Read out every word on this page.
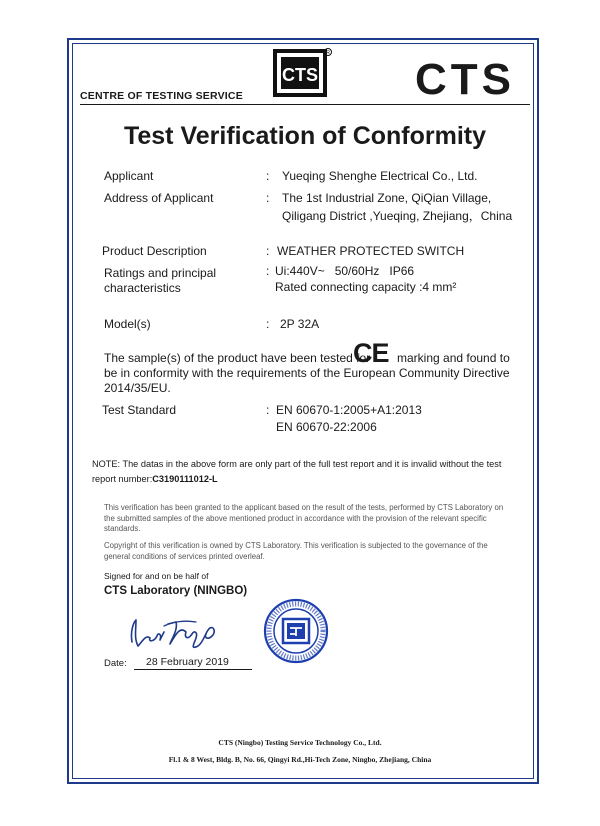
CTS
R
CTS
CENTRE OF TESTING SERVICE
Test Verification of Conformity
Applicant	: Yueqing Shenghe Electrical Co., Ltd.
Address of Applicant	: The 1st Industrial Zone, QiQian Village,
Qiligang District ,Yueqing, Zhejiang，China
Product Description	: WEATHER PROTECTED SWITCH
Ratings and principal
characteristics
: Ui:440V~   50/60Hz   IP66
Rated connecting capacity :4 mm²
Model(s)	: 2P 32A
The sample(s) of the product have been tested for
CE marking and found to
be in conformity with the requirements of the European Community Directive
2014/35/EU.
Test Standard	: EN 60670-1:2005+A1:2013
EN 60670-22:2006
NOTE: The datas in the above form are only part of the full test report and it is invalid without the test
report number:C3190111012-L
This verification has been granted to the applicant based on the result of the tests, performed by CTS Laboratory on the submitted samples of the above mentioned product in accordance with the provision of the relevant specific standards.
Copyright of this verification is owned by CTS Laboratory. This verification is subjected to the governance of the general conditions of services printed overleaf.
Signed for and on be half of
CTS Laboratory (NINGBO)
Date: 28 February 2019
CTS (Ningbo) Testing Service Technology Co., Ltd.
Fl.1 & 8 West, Bldg. B, No. 66, Qingyi Rd.,Hi-Tech Zone, Ningbo, Zhejiang, China
